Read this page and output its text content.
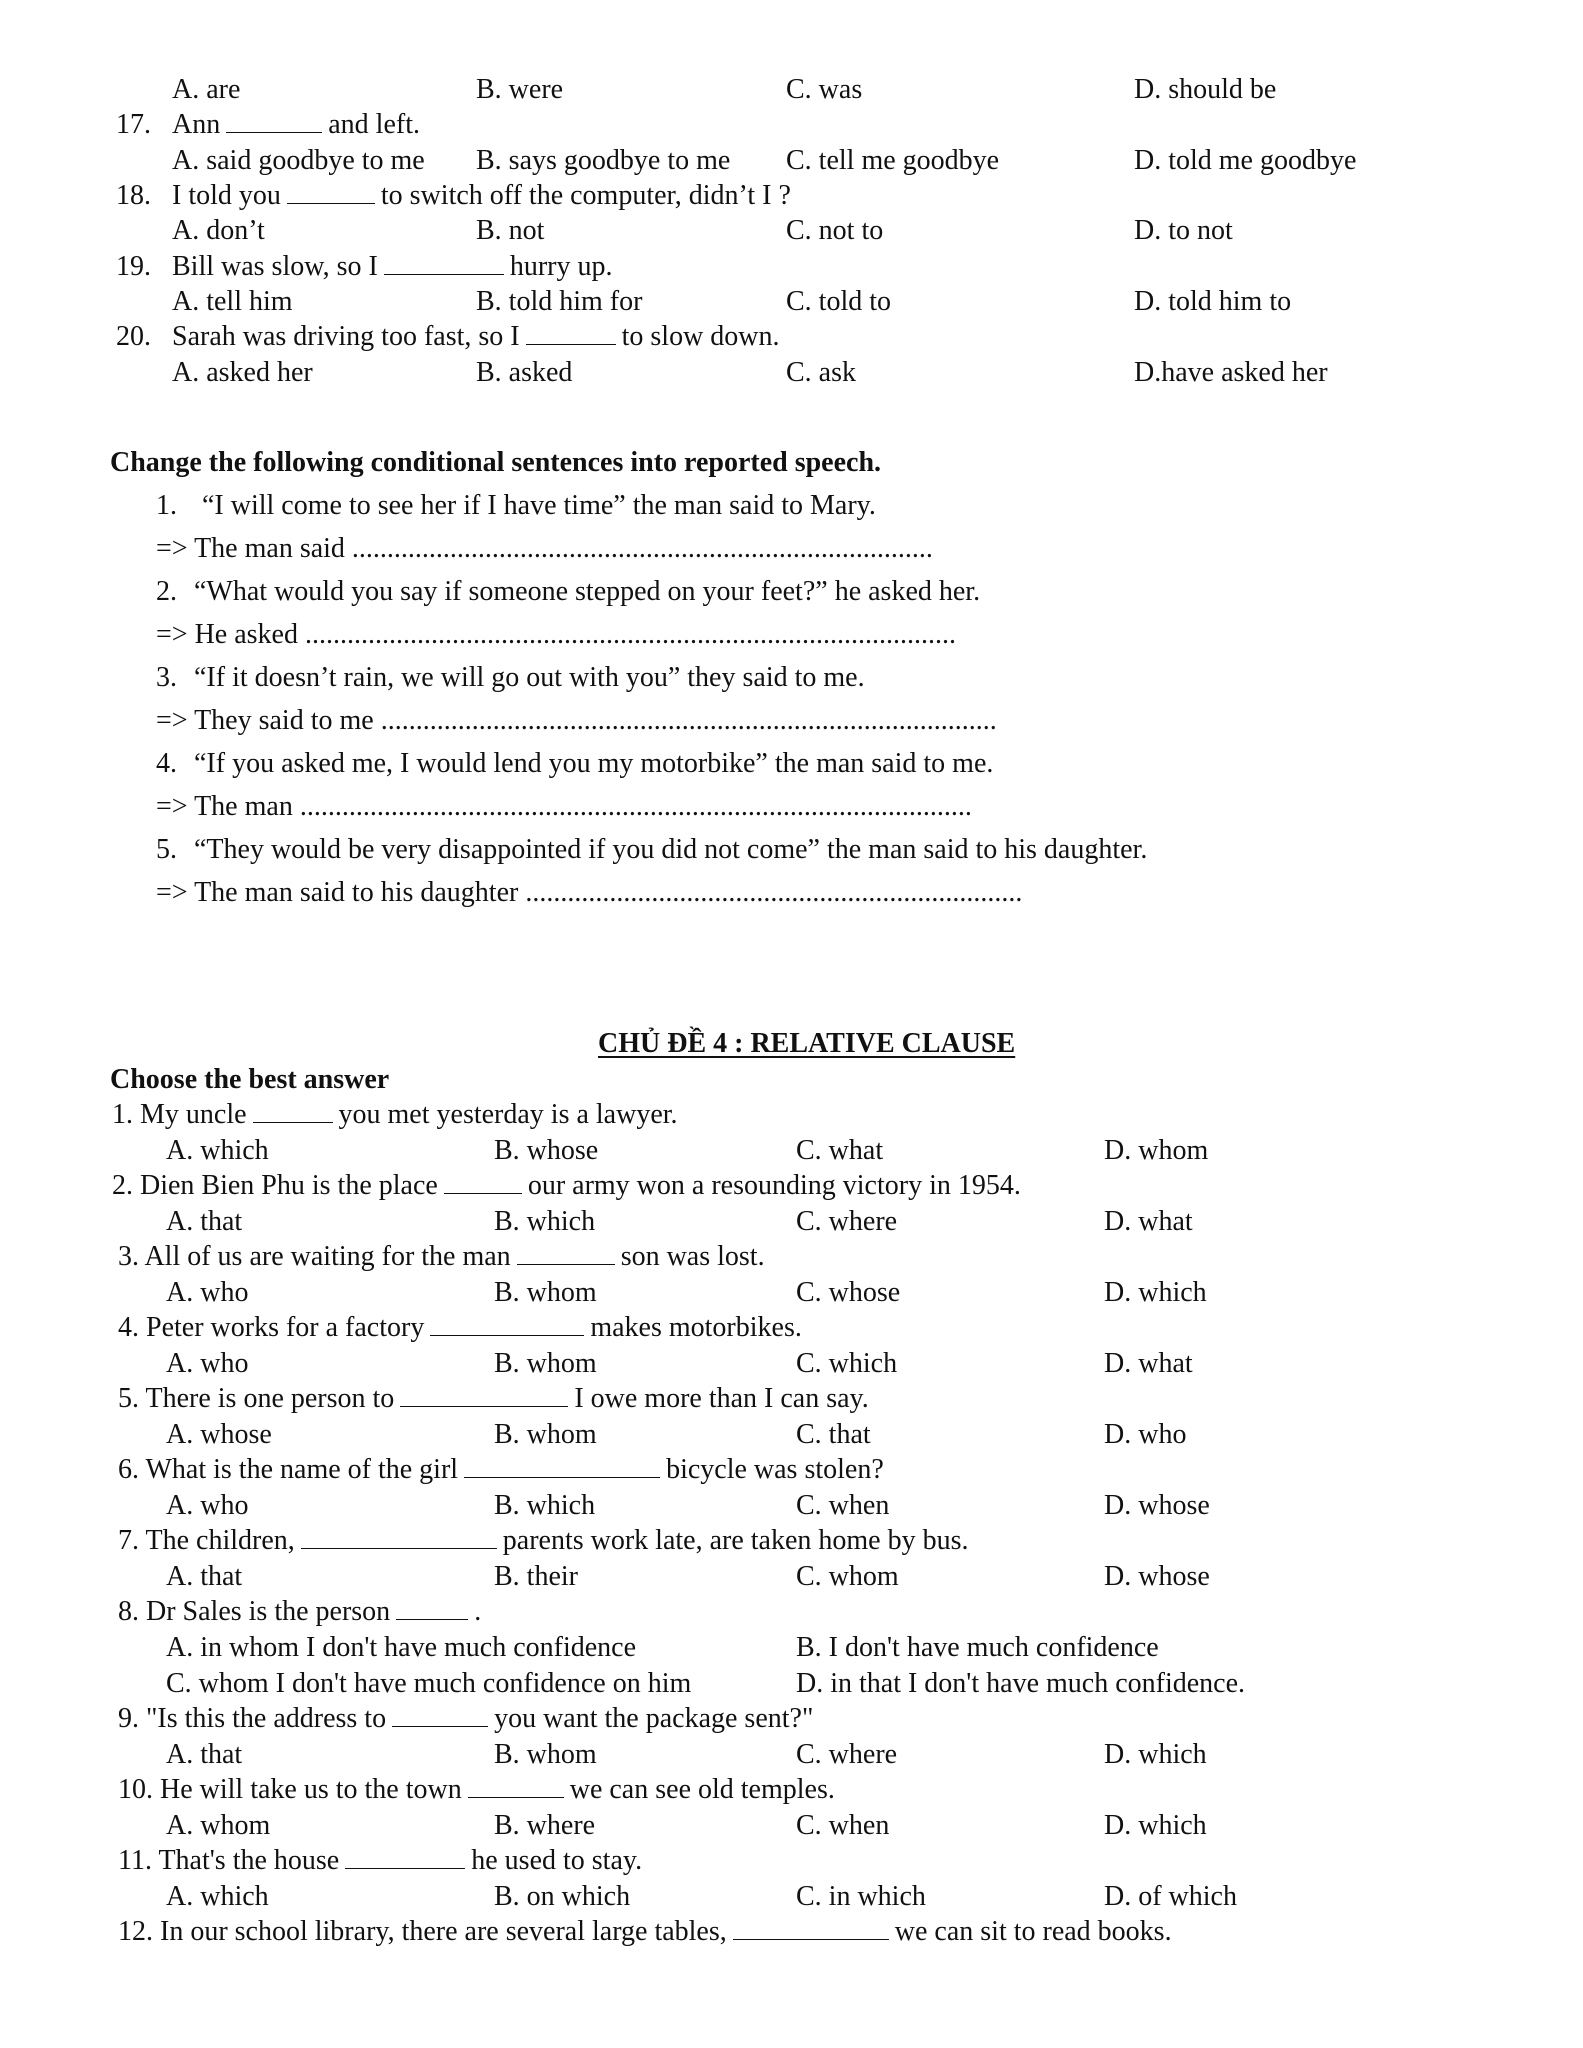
A. are	B. were	C. was	D. should be
17. Ann	and left.
A. said goodbye to me B. says goodbye to me C. tell me goodbye	D. told me goodbye
18. I told you	to switch off the computer, didn’t I ?
A. don’t	B. not	C. not to	D. to not
19. Bill was slow, so I	hurry up.
A. tell him	B. told him for	C. told to	D. told him to
20. Sarah was driving too fast, so I	to slow down.
A. asked her	B. asked	C. ask	D.have asked her
Change the following conditional sentences into reported speech.
1. “I will come to see her if I have time” the man said to Mary.
=> The man said ...................................................................................
2. “What would you say if someone stepped on your feet?” he asked her.
=> He asked .............................................................................................
3. “If it doesn’t rain, we will go out with you” they said to me.
=> They said to me ........................................................................................
4. “If you asked me, I would lend you my motorbike” the man said to me.
=> The man ................................................................................................
5. “They would be very disappointed if you did not come” the man said to his daughter.
=> The man said to his daughter .......................................................................
CHỦ ĐỀ 4 : RELATIVE CLAUSE
Choose the best answer
1. My uncle	you met yesterday is a lawyer.
A. which	B. whose	C. what	D. whom
2. Dien Bien Phu is the place	our army won a resounding victory in 1954.
A. that	B. which	C. where	D. what
3. All of us are waiting for the man	son was lost.
A. who	B. whom	C. whose	D. which
4. Peter works for a factory	makes motorbikes.
A. who	B. whom	C. which	D. what
5. There is one person to	I owe more than I can say.
A. whose	B. whom	C. that	D. who
6. What is the name of the girl	bicycle was stolen?
A. who	B. which	C. when	D. whose
7. The children,	parents work late, are taken home by bus.
A. that	B. their	C. whom	D. whose
8. Dr Sales is the person	.
A. in whom I don't have much confidence	B. I don't have much confidence
C. whom I don't have much confidence on him	D. in that I don't have much confidence.
9. "Is this the address to	you want the package sent?"
A. that	B. whom	C. where	D. which
10. He will take us to the town	we can see old temples.
A. whom	B. where	C. when	D. which
11. That's the house	he used to stay.
A. which	B. on which	C. in which	D. of which
12. In our school library, there are several large tables,	we can sit to read books.
